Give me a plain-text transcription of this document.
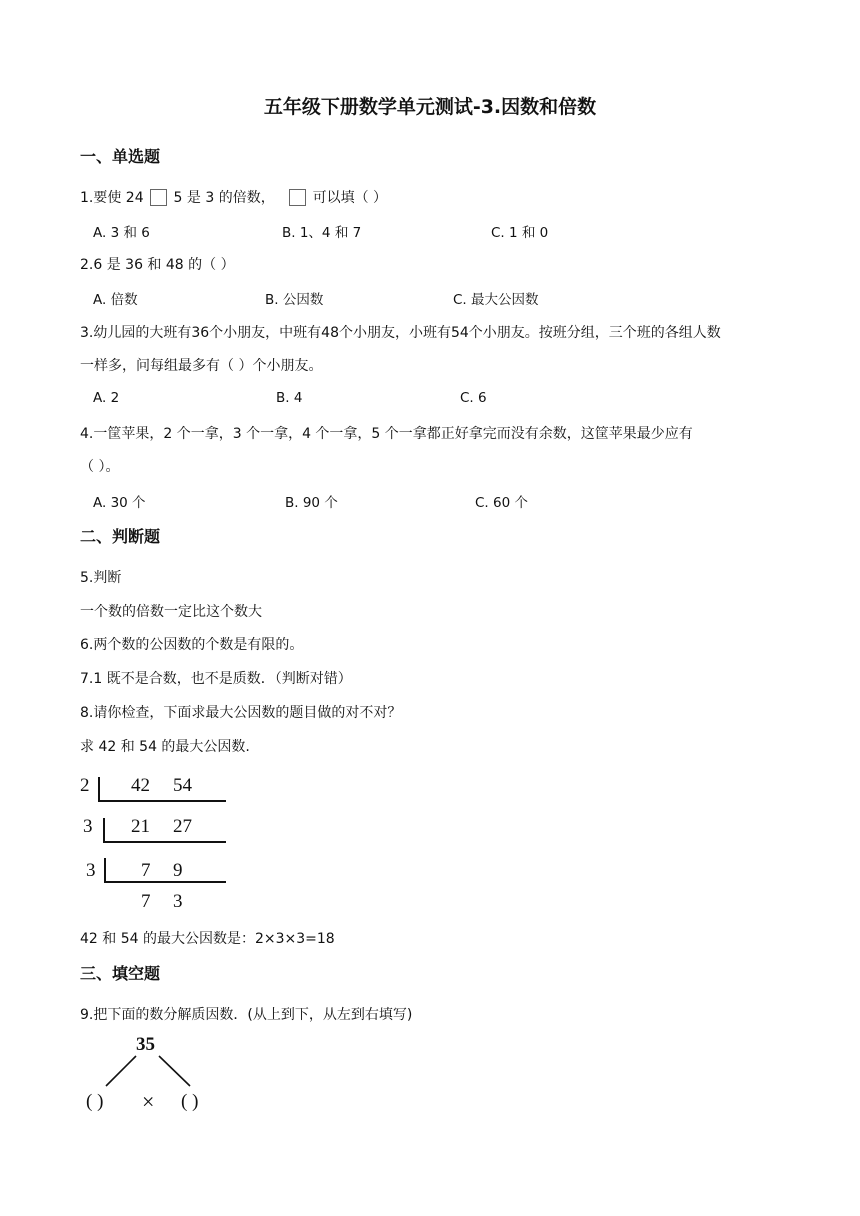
五年级下册数学单元测试-3.因数和倍数
一、单选题
1.要使 24 5 是 3 的倍数，	可以填（ ）
A. 3 和 6	B. 1、4 和 7	C. 1 和 0
2.6 是 36 和 48 的（ ）
A. 倍数	B. 公因数	C. 最大公因数
3.幼儿园的大班有36个小朋友，中班有48个小朋友，小班有54个小朋友。按班分组，三个班的各组人数
一样多，问每组最多有（ ）个小朋友。
A. 2	B. 4	C. 6
4.一筐苹果，2 个一拿，3 个一拿，4 个一拿，5 个一拿都正好拿完而没有余数，这筐苹果最少应有
（ ）。
A. 30 个	B. 90 个	C. 60 个
二、判断题
5.判断
一个数的倍数一定比这个数大
6.两个数的公因数的个数是有限的。
7.1 既不是合数，也不是质数．（判断对错）
8.请你检查，下面求最大公因数的题目做的对不对？
求 42 和 54 的最大公因数.
2 42 54
3 21 27
3 7 9
7 3
42 和 54 的最大公因数是：2×3×3=18
三、填空题
9.把下面的数分解质因数．(从上到下，从左到右填写)
35
( ) × ( )
